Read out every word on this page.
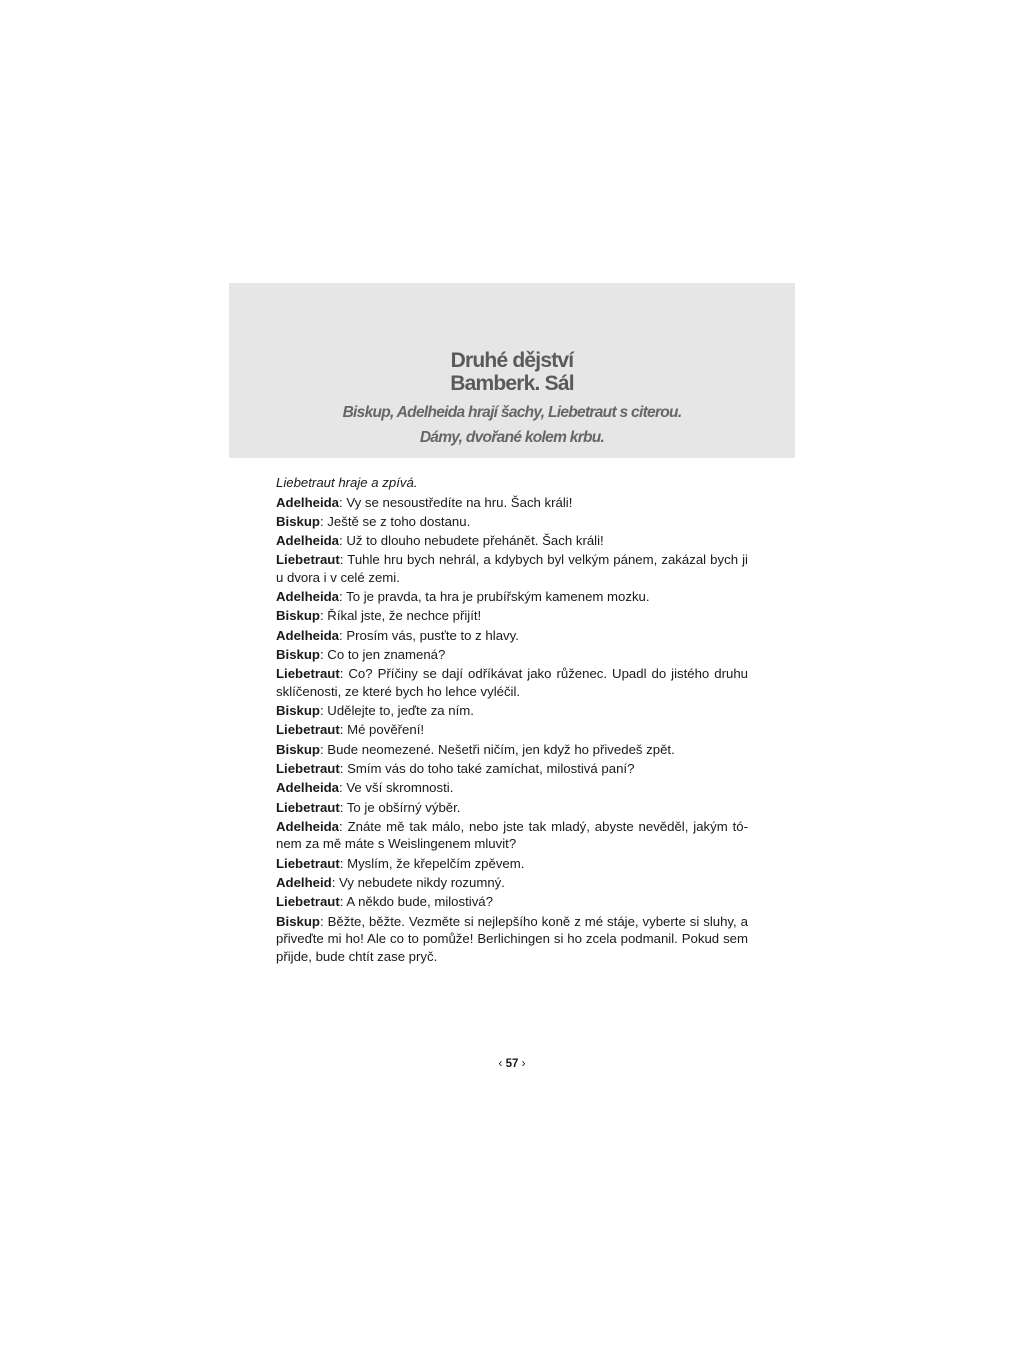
Druhé dějství
Bamberk. Sál

Biskup, Adelheida hrají šachy, Liebetraut s citerou.

Dámy, dvořané kolem krbu.

Liebetraut hraje a zpívá.

Adelheida: Vy se nesoustředíte na hru. Šach králi!

Biskup: Ještě se z toho dostanu.

Adelheida: Už to dlouho nebudete přehánět. Šach králi!

Liebetraut: Tuhle hru bych nehrál, a kdybych byl velkým pánem, zakázal bych ji u dvora i v celé zemi.

Adelheida: To je pravda, ta hra je prubířským kamenem mozku.

Biskup: Říkal jste, že nechce přijít!

Adelheida: Prosím vás, pusťte to z hlavy.

Biskup: Co to jen znamená?

Liebetraut: Co? Příčiny se dají odříkávat jako růženec. Upadl do jistého druhu sklíčenosti, ze které bych ho lehce vyléčil.

Biskup: Udělejte to, jeďte za ním.

Liebetraut: Mé pověření!

Biskup: Bude neomezené. Nešetři ničím, jen když ho přivedeš zpět.

Liebetraut: Smím vás do toho také zamíchat, milostivá paní?

Adelheida: Ve vší skromnosti.

Liebetraut: To je obšírný výběr.

Adelheida: Znáte mě tak málo, nebo jste tak mladý, abyste nevěděl, jakým tónem za mě máte s Weislingenem mluvit?

Liebetraut: Myslím, že křepelčím zpěvem.

Adelheid: Vy nebudete nikdy rozumný.

Liebetraut: A někdo bude, milostivá?

Biskup: Běžte, běžte. Vezměte si nejlepšího koně z mé stáje, vyberte si sluhy, a přiveďte mi ho! Ale co to pomůže! Berlichingen si ho zcela podmanil. Pokud sem přijde, bude chtít zase pryč.

‹ 57 ›
